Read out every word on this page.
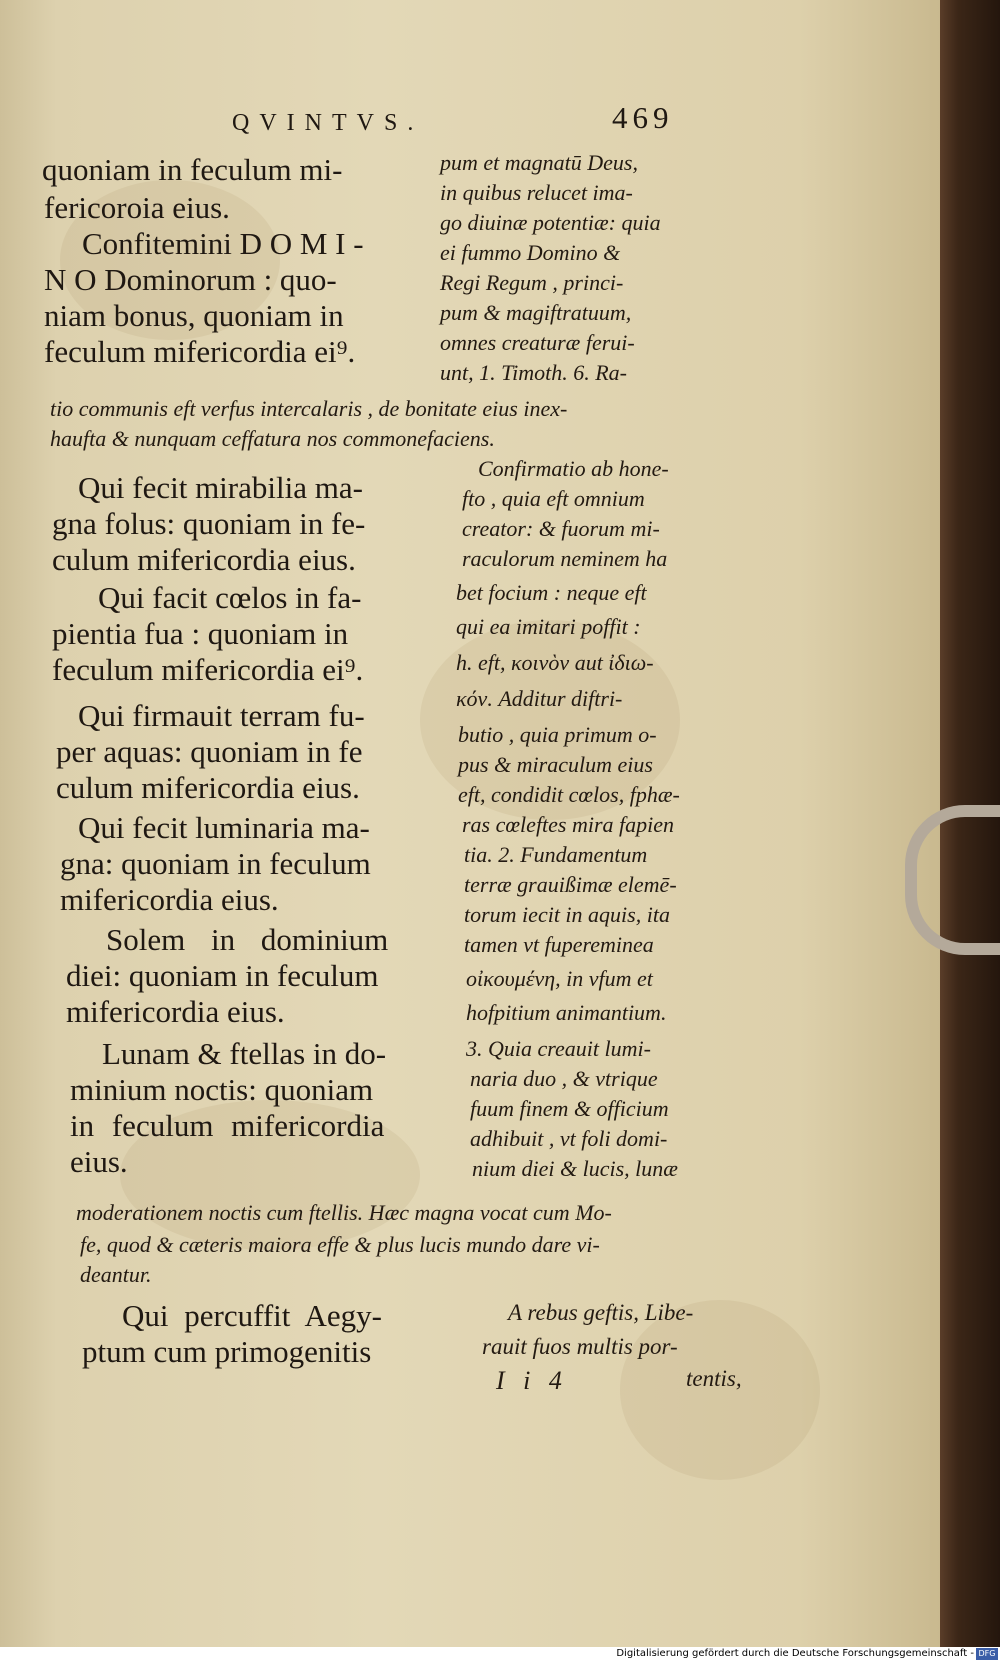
QVINTVS.	469
quoniam in feculum mi-
fericoroia eius.
Confitemini D O M I -
N O Dominorum : quo-
niam bonus, quoniam in
feculum mifericordia ei⁹.
Qui fecit mirabilia ma-
gna folus: quoniam in fe-
culum mifericordia eius.
Qui facit cœlos in fa-
pientia fua : quoniam in
feculum mifericordia ei⁹.
Qui firmauit terram fu-
per aquas: quoniam in fe
culum mifericordia eius.
Qui fecit luminaria ma-
gna: quoniam in feculum
mifericordia eius.
Solem in dominium
diei: quoniam in feculum
mifericordia eius.
Lunam & ftellas in do-
minium noctis: quoniam
in feculum mifericordia
eius.
Qui percuffit Aegy-
ptum cum primogenitis
pum et magnatū Deus,
in quibus relucet ima-
go diuinæ potentiæ: quia
ei fummo Domino &
Regi Regum , princi-
pum & magiftratuum,
omnes creaturæ ferui-
unt, 1. Timoth. 6. Ra-
tio communis eft verfus intercalaris , de bonitate eius inex-
haufta & nunquam ceffatura nos commonefaciens.
Confirmatio ab hone-
fto , quia eft omnium
creator: & fuorum mi-
raculorum neminem ha
bet focium : neque eft
qui ea imitari poffit :
h. eft, κοινὸν aut ἰδιω-
κόν. Additur diftri-
butio , quia primum o-
pus & miraculum eius
eft, condidit cœlos, fphæ-
ras cœleftes mira fapien
tia. 2. Fundamentum
terræ grauißimæ elemē-
torum iecit in aquis, ita
tamen vt fupereminea
οἰκουμένη, in vfum et
hofpitium animantium.
3. Quia creauit lumi-
naria duo , & vtrique
fuum finem & officium
adhibuit , vt foli domi-
nium diei & lucis, lunæ
moderationem noctis cum ftellis. Hæc magna vocat cum Mo-
fe, quod & cæteris maiora effe & plus lucis mundo dare vi-
deantur.
A rebus geftis, Libe-
rauit fuos multis por-
tentis,
I i 4
Digitalisierung gefördert durch die Deutsche Forschungsgemeinschaft - DFG
